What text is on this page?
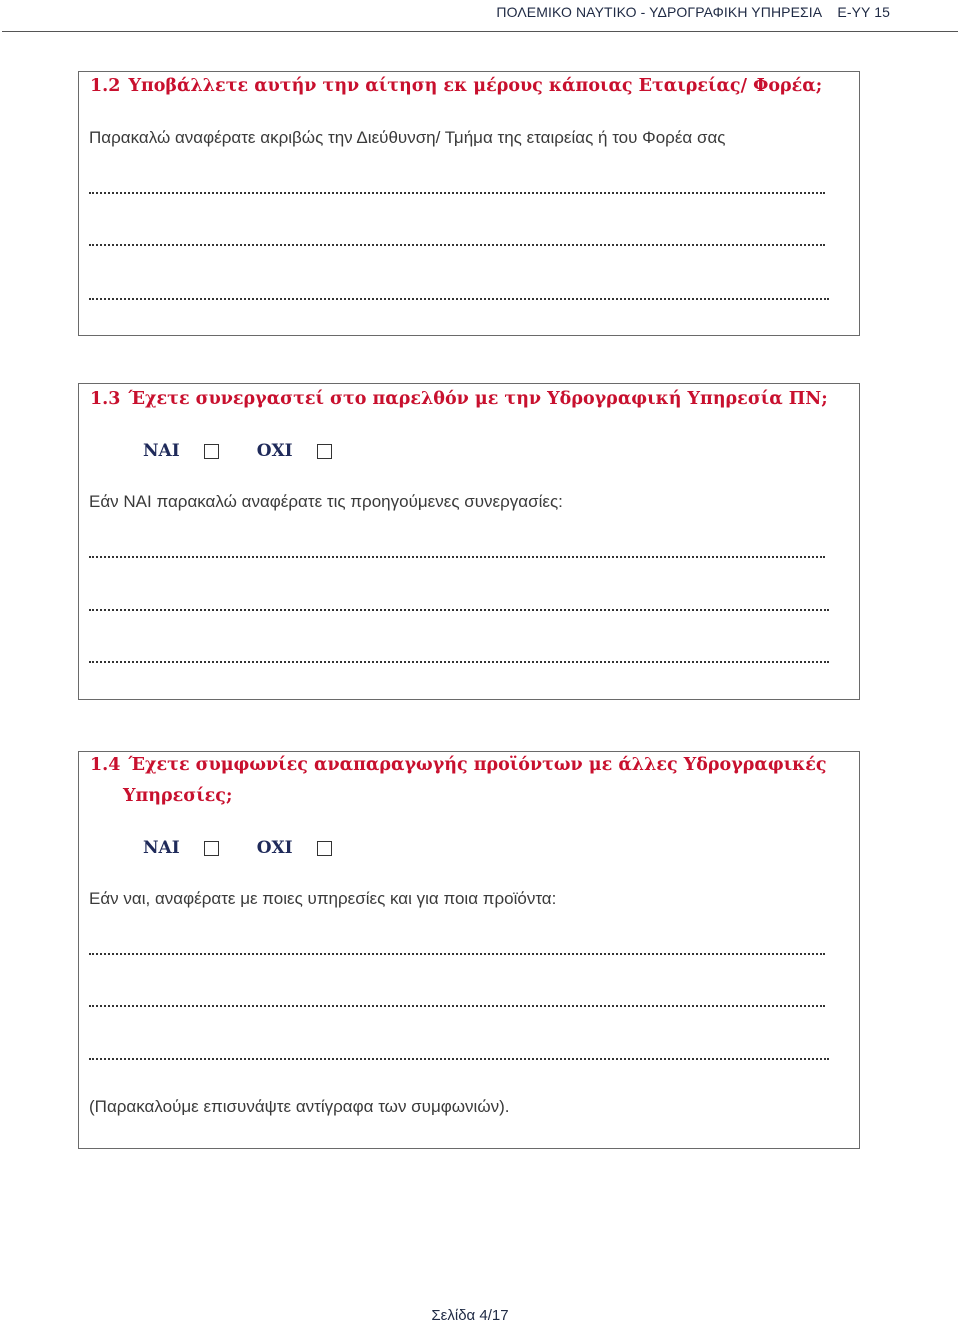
ΠΟΛΕΜΙΚΟ ΝΑΥΤΙΚΟ - ΥΔΡΟΓΡΑΦΙΚΗ ΥΠΗΡΕΣΙΑ    Ε-ΥΥ 15
1.2 Υποβάλλετε αυτήν την αίτηση εκ μέρους κάποιας Εταιρείας/ Φορέα;
Παρακαλώ αναφέρατε ακριβώς την Διεύθυνση/ Τμήμα της εταιρείας ή του Φορέα σας
1.3 Έχετε συνεργαστεί στο παρελθόν με την Υδρογραφική Υπηρεσία ΠΝ;
ΝΑΙ	ΟΧΙ
Εάν ΝΑΙ παρακαλώ αναφέρατε τις προηγούμενες συνεργασίες:
1.4 Έχετε συμφωνίες αναπαραγωγής προϊόντων με άλλες Υδρογραφικές
Υπηρεσίες;
ΝΑΙ	ΟΧΙ
Εάν ναι, αναφέρατε με ποιες υπηρεσίες και για ποια προϊόντα:
(Παρακαλούμε επισυνάψτε αντίγραφα των συμφωνιών).
Σελίδα 4/17
